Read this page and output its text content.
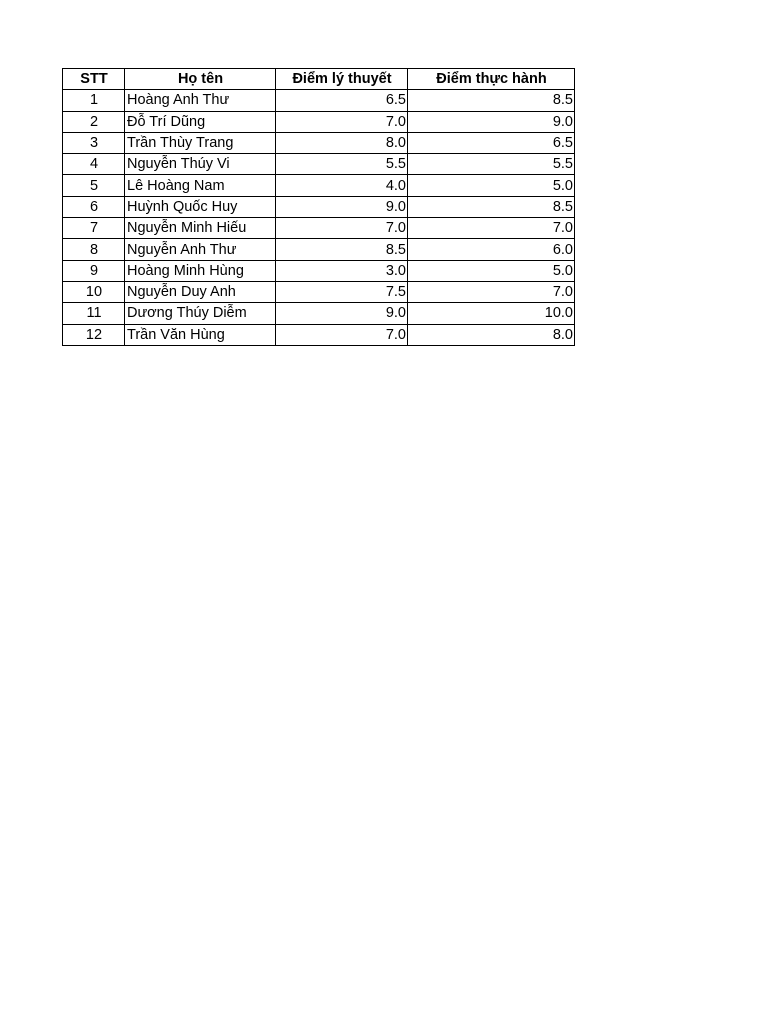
STT	Họ tên	Điểm lý thuyết	Điểm thực hành
1	Hoàng Anh Thư	6.5	8.5
2	Đỗ Trí Dũng	7.0	9.0
3	Trần Thùy Trang	8.0	6.5
4	Nguyễn Thúy Vi	5.5	5.5
5	Lê Hoàng Nam	4.0	5.0
6	Huỳnh Quốc Huy	9.0	8.5
7	Nguyễn Minh Hiếu	7.0	7.0
8	Nguyễn Anh Thư	8.5	6.0
9	Hoàng Minh Hùng	3.0	5.0
10	Nguyễn Duy Anh	7.5	7.0
11	Dương Thúy Diễm	9.0	10.0
12	Trần Văn Hùng	7.0	8.0
